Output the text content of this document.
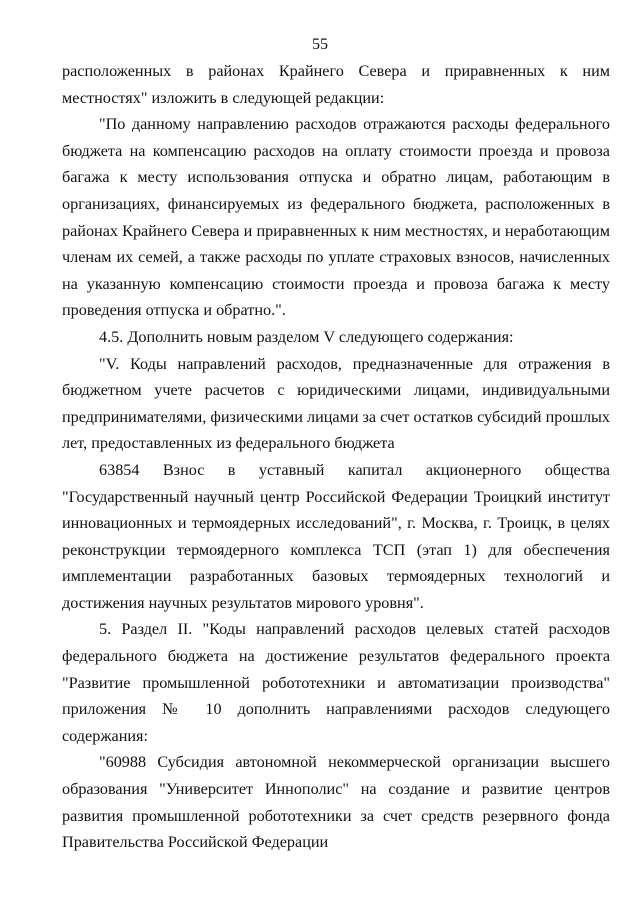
55

расположенных в районах Крайнего Севера и приравненных к ним местностях" изложить в следующей редакции:

"По данному направлению расходов отражаются расходы федерального бюджета на компенсацию расходов на оплату стоимости проезда и провоза багажа к месту использования отпуска и обратно лицам, работающим в организациях, финансируемых из федерального бюджета, расположенных в районах Крайнего Севера и приравненных к ним местностях, и неработающим членам их семей, а также расходы по уплате страховых взносов, начисленных на указанную компенсацию стоимости проезда и провоза багажа к месту проведения отпуска и обратно.".

4.5. Дополнить новым разделом V следующего содержания:

"V. Коды направлений расходов, предназначенные для отражения в бюджетном учете расчетов с юридическими лицами, индивидуальными предпринимателями, физическими лицами за счет остатков субсидий прошлых лет, предоставленных из федерального бюджета

63854 Взнос в уставный капитал акционерного общества "Государственный научный центр Российской Федерации Троицкий институт инновационных и термоядерных исследований", г. Москва, г. Троицк, в целях реконструкции термоядерного комплекса ТСП (этап 1) для обеспечения имплементации разработанных базовых термоядерных технологий и достижения научных результатов мирового уровня".

5. Раздел II. "Коды направлений расходов целевых статей расходов федерального бюджета на достижение результатов федерального проекта "Развитие промышленной робототехники и автоматизации производства" приложения № 10 дополнить направлениями расходов следующего содержания:

"60988 Субсидия автономной некоммерческой организации высшего образования "Университет Иннополис" на создание и развитие центров развития промышленной робототехники за счет средств резервного фонда Правительства Российской Федерации
